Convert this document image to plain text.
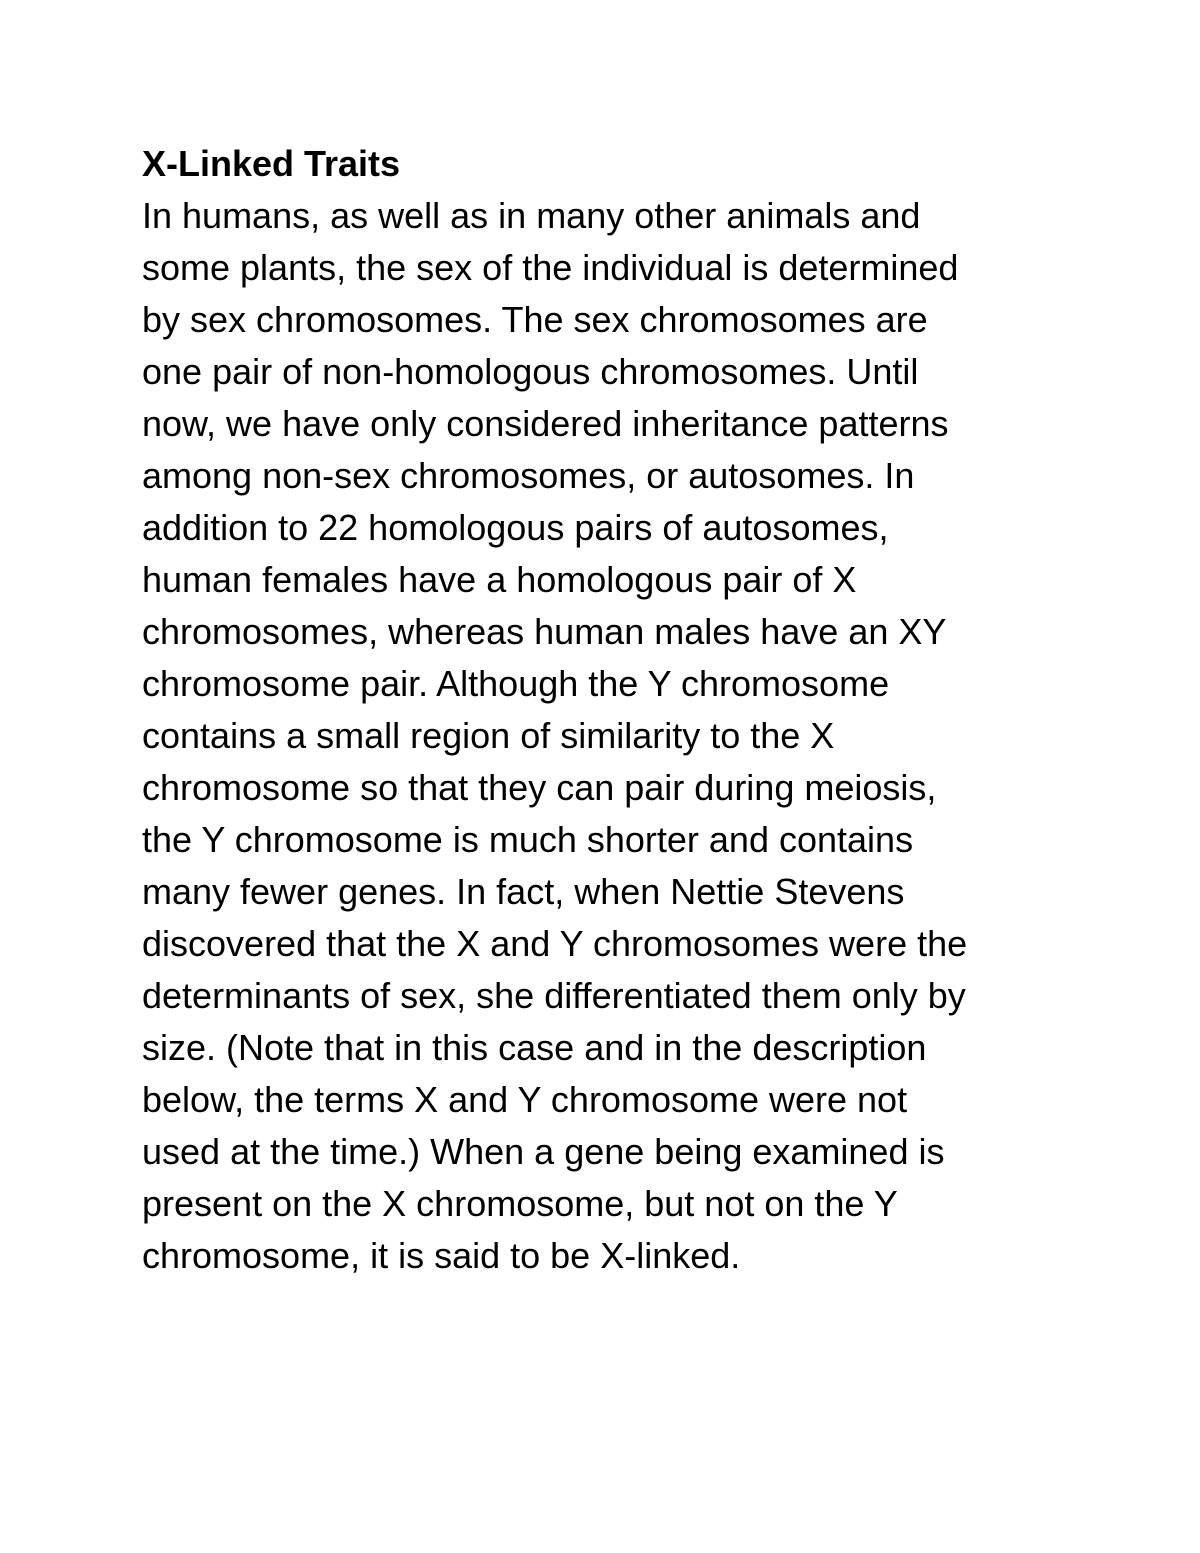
X-Linked Traits

In humans, as well as in many other animals and
some plants, the sex of the individual is determined
by sex chromosomes. The sex chromosomes are
one pair of non-homologous chromosomes. Until
now, we have only considered inheritance patterns
among non-sex chromosomes, or autosomes. In
addition to 22 homologous pairs of autosomes,
human females have a homologous pair of X
chromosomes, whereas human males have an XY
chromosome pair. Although the Y chromosome
contains a small region of similarity to the X
chromosome so that they can pair during meiosis,
the Y chromosome is much shorter and contains
many fewer genes. In fact, when Nettie Stevens
discovered that the X and Y chromosomes were the
determinants of sex, she differentiated them only by
size. (Note that in this case and in the description
below, the terms X and Y chromosome were not
used at the time.) When a gene being examined is
present on the X chromosome, but not on the Y
chromosome, it is said to be X-linked.
